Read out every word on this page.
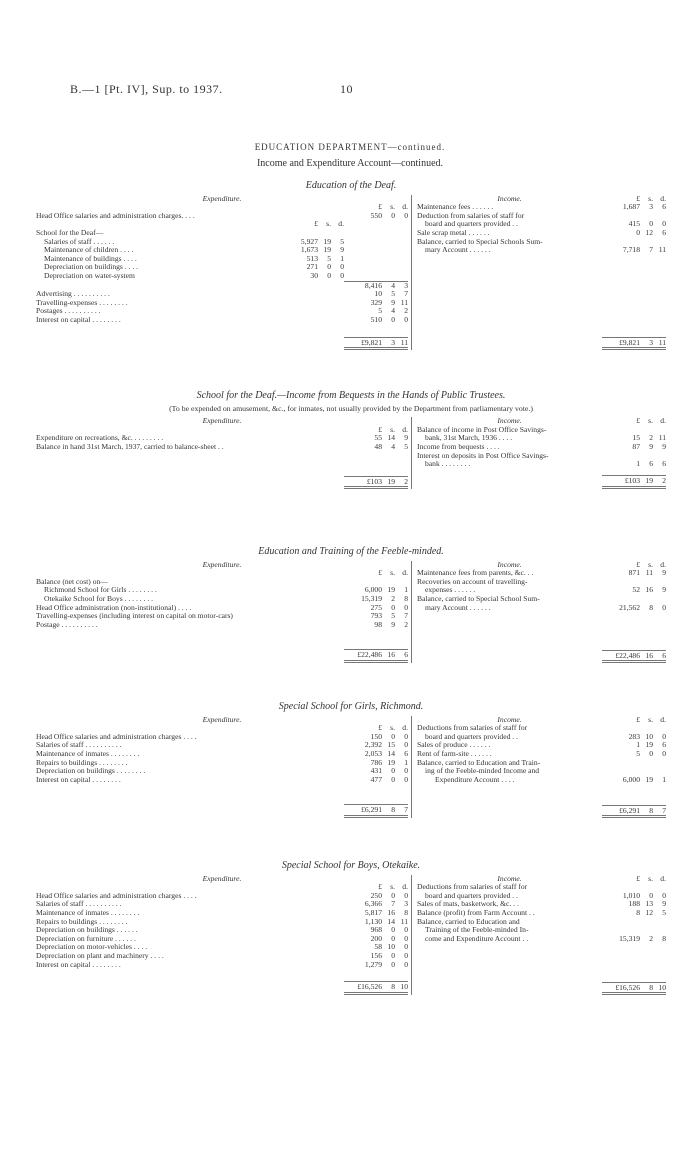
B.—1 [Pt. IV], Sup. to 1937.	10
EDUCATION DEPARTMENT—continued.
Income and Expenditure Account—continued.
Education of the Deaf.
Expenditure.
£	s. d.
Head Office salaries and administration charges. . . .	550	0	0
£	s. d.
School for the Deaf—
Salaries of staff . . . . . .	5,927 19	5
Maintenance of children . . . .	1,673 19	9
Maintenance of buildings . . . .	513	5	1
Depreciation on buildings . . . .	271	0	0
Depreciation on water-system	30	0	0
8,416	4	3
Advertising . . . . . . . . . .	10	5	7
Travelling-expenses . . . . . . . .	329	9 11
Postages . . . . . . . . . .	5	4	2
Interest on capital . . . . . . . .	510	0	0
£9,821	3 11
Income.	£	s. d.
Maintenance fees . . . . . .	1,687	3	6
Deduction from salaries of staff for
board and quarters provided . .	415	0	0
Sale scrap metal . . . . . .	0 12	6
Balance, carried to Special Schools Sum-
mary Account . . . . . .	7,718	7 11
£9,821	3 11
School for the Deaf.—Income from Bequests in the Hands of Public Trustees.
(To be expended on amusement, &c., for inmates, not usually provided by the Department from parliamentary vote.)
Expenditure.
£	s. d.
Expenditure on recreations, &c. . . . . . . . .	55 14	9
Balance in hand 31st March, 1937, carried to balance-sheet . .	48	4	5
£103 19	2
Income.	£	s. d.
Balance of income in Post Office Savings-
bank, 31st March, 1936 . . . .	15	2 11
Income from bequests . . . .	87	9	9
Interest on deposits in Post Office Savings-
bank . . . . . . . .	1	6	6
£103 19	2
Education and Training of the Feeble-minded.
Expenditure.
£	s. d.
Balance (net cost) on—
Richmond School for Girls . . . . . . . .	6,000 19	1
Otekaike School for Boys . . . . . . . .	15,319	2	8
Head Office administration (non-institutional) . . . .	275	0	0
Travelling-expenses (including interest on capital on motor-cars)	793	5	7
Postage . . . . . . . . . .	98	9	2
£22,486 16	6
Income.	£	s. d.
Maintenance fees from parents, &c. . .	871 11	9
Recoveries on account of travelling-
expenses . . . . . .	52 16	9
Balance, carried to Special School Sum-
mary Account . . . . . .	21,562	8	0
£22,486 16	6
Special School for Girls, Richmond.
Expenditure.
£	s. d.
Head Office salaries and administration charges . . . .	150	0	0
Salaries of staff . . . . . . . . . .	2,392 15	0
Maintenance of inmates . . . . . . . .	2,053 14	6
Repairs to buildings . . . . . . . .	786 19	1
Depreciation on buildings . . . . . . . .	431	0	0
Interest on capital . . . . . . . .	477	0	0
£6,291	8	7
Income.	£	s. d.
Deductions from salaries of staff for
board and quarters provided . .	283 10	0
Sales of produce . . . . . .	1 19	6
Rent of farm-site . . . . . .	5	0	0
Balance, carried to Education and Train-
ing of the Feeble-minded Income and
Expenditure Account . . . .	6,000 19	1
£6,291	8	7
Special School for Boys, Otekaike.
Expenditure.
£	s. d.
Head Office salaries and administration charges . . . .	250	0	0
Salaries of staff . . . . . . . . . .	6,366	7	3
Maintenance of inmates . . . . . . . .	5,817 16	8
Repairs to buildings . . . . . . . .	1,130 14 11
Depreciation on buildings . . . . . .	968	0	0
Depreciation on furniture . . . . . .	200	0	0
Depreciation on motor-vehicles . . . .	58 10	0
Depreciation on plant and machinery . . . .	156	0	0
Interest on capital . . . . . . . .	1,279	0	0
£16,526	8 10
Income.	£	s. d.
Deductions from salaries of staff for
board and quarters provided . .	1,010	0	0
Sales of mats, basketwork, &c. . .	188 13	9
Balance (profit) from Farm Account . .	8 12	5
Balance, carried to Education and
Training of the Feeble-minded In-
come and Expenditure Account . .	15,319	2	8
£16,526	8 10
